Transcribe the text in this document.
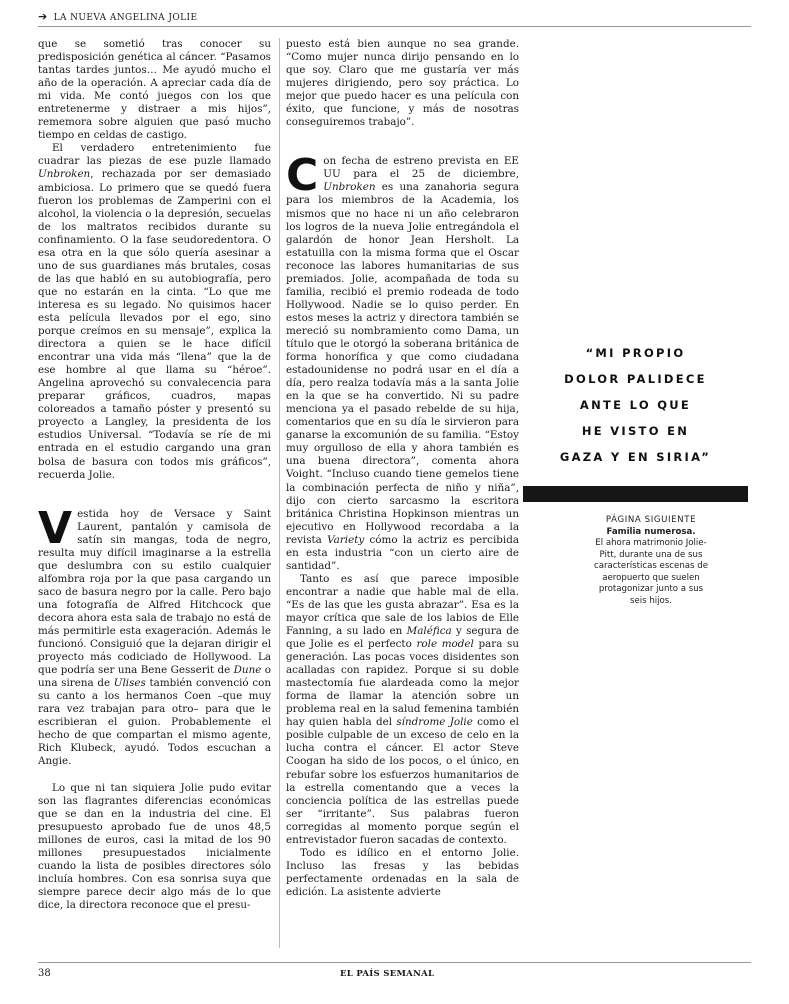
➔ LA NUEVA ANGELINA JOLIE

que se sometió tras conocer su predisposición genética al cáncer. “Pasamos tantas tardes juntos… Me ayudó mucho el año de la operación. A apreciar cada día de mi vida. Me contó juegos con los que entretenerme y distraer a mis hijos”, rememora sobre alguien que pasó mucho tiempo en celdas de castigo.

El verdadero entretenimiento fue cuadrar las piezas de ese puzle llamado Unbroken, rechazada por ser demasiado ambiciosa. Lo primero que se quedó fuera fueron los problemas de Zamperini con el alcohol, la violencia o la depresión, secuelas de los maltratos recibidos durante su confinamiento. O la fase seudoredentora. O esa otra en la que sólo quería asesinar a uno de sus guardianes más brutales, cosas de las que habló en su autobiografía, pero que no estarán en la cinta. “Lo que me interesa es su legado. No quisimos hacer esta película llevados por el ego, sino porque creímos en su mensaje”, explica la directora a quien se le hace difícil encontrar una vida más “llena” que la de ese hombre al que llama su “héroe”. Angelina aprovechó su convalecencia para preparar gráficos, cuadros, mapas coloreados a tamaño póster y presentó su proyecto a Langley, la presidenta de los estudios Universal. “Todavía se ríe de mi entrada en el estudio cargando una gran bolsa de basura con todos mis gráficos”, recuerda Jolie.

Vestida hoy de Versace y Saint Laurent, pantalón y camisola de satín sin mangas, toda de negro, resulta muy difícil imaginarse a la estrella que deslumbra con su estilo cualquier alfombra roja por la que pasa cargando un saco de basura negro por la calle. Pero bajo una fotografía de Alfred Hitchcock que decora ahora esta sala de trabajo no está de más permitirle esta exageración. Además le funcionó. Consiguió que la dejaran dirigir el proyecto más codiciado de Hollywood. La que podría ser una Bene Gesserit de Dune o una sirena de Ulises también convenció con su canto a los hermanos Coen –que muy rara vez trabajan para otro– para que le escribieran el guion. Probablemente el hecho de que compartan el mismo agente, Rich Klubeck, ayudó. Todos escuchan a Angie.

Lo que ni tan siquiera Jolie pudo evitar son las flagrantes diferencias económicas que se dan en la industria del cine. El presupuesto aprobado fue de unos 48,5 millones de euros, casi la mitad de los 90 millones presupuestados inicialmente cuando la lista de posibles directores sólo incluía hombres. Con esa sonrisa suya que siempre parece decir algo más de lo que dice, la directora reconoce que el presu-

puesto está bien aunque no sea grande. “Como mujer nunca dirijo pensando en lo que soy. Claro que me gustaría ver más mujeres dirigiendo, pero soy práctica. Lo mejor que puedo hacer es una película con éxito, que funcione, y más de nosotras conseguiremos trabajo”.

Con fecha de estreno prevista en EE UU para el 25 de diciembre, Unbroken es una zanahoria segura para los miembros de la Academia, los mismos que no hace ni un año celebraron los logros de la nueva Jolie entregándola el galardón de honor Jean Hersholt. La estatuilla con la misma forma que el Oscar reconoce las labores humanitarias de sus premiados. Jolie, acompañada de toda su familia, recibió el premio rodeada de todo Hollywood. Nadie se lo quiso perder. En estos meses la actriz y directora también se mereció su nombramiento como Dama, un título que le otorgó la soberana británica de forma honorífica y que como ciudadana estadounidense no podrá usar en el día a día, pero realza todavía más a la santa Jolie en la que se ha convertido. Ni su padre menciona ya el pasado rebelde de su hija, comentarios que en su día le sirvieron para ganarse la excomunión de su familia. “Estoy muy orgulloso de ella y ahora también es una buena directora”, comenta ahora Voight. “Incluso cuando tiene gemelos tiene la combinación perfecta de niño y niña”, dijo con cierto sarcasmo la escritora británica Christina Hopkinson mientras un ejecutivo en Hollywood recordaba a la revista Variety cómo la actriz es percibida en esta industria “con un cierto aire de santidad”.

Tanto es así que parece imposible encontrar a nadie que hable mal de ella. “Es de las que les gusta abrazar”. Esa es la mayor crítica que sale de los labios de Elle Fanning, a su lado en Maléfica y segura de que Jolie es el perfecto role model para su generación. Las pocas voces disidentes son acalladas con rapidez. Porque si su doble mastectomía fue alardeada como la mejor forma de llamar la atención sobre un problema real en la salud femenina también hay quien habla del síndrome Jolie como el posible culpable de un exceso de celo en la lucha contra el cáncer. El actor Steve Coogan ha sido de los pocos, o el único, en rebufar sobre los esfuerzos humanitarios de la estrella comentando que a veces la conciencia política de las estrellas puede ser “irritante”. Sus palabras fueron corregidas al momento porque según el entrevistador fueron sacadas de contexto.

Todo es idílico en el entorno Jolie. Incluso las fresas y las bebidas perfectamente ordenadas en la sala de edición. La asistente advierte

“MI PROPIO
DOLOR PALIDECE
ANTE LO QUE
HE VISTO EN
GAZA Y EN SIRIA”
PÁGINA SIGUIENTE
Familia numerosa.
El ahora matrimonio Jolie-Pitt, durante una de sus características escenas de aeropuerto que suelen protagonizar junto a sus seis hijos.
38	EL PAÍS SEMANAL
